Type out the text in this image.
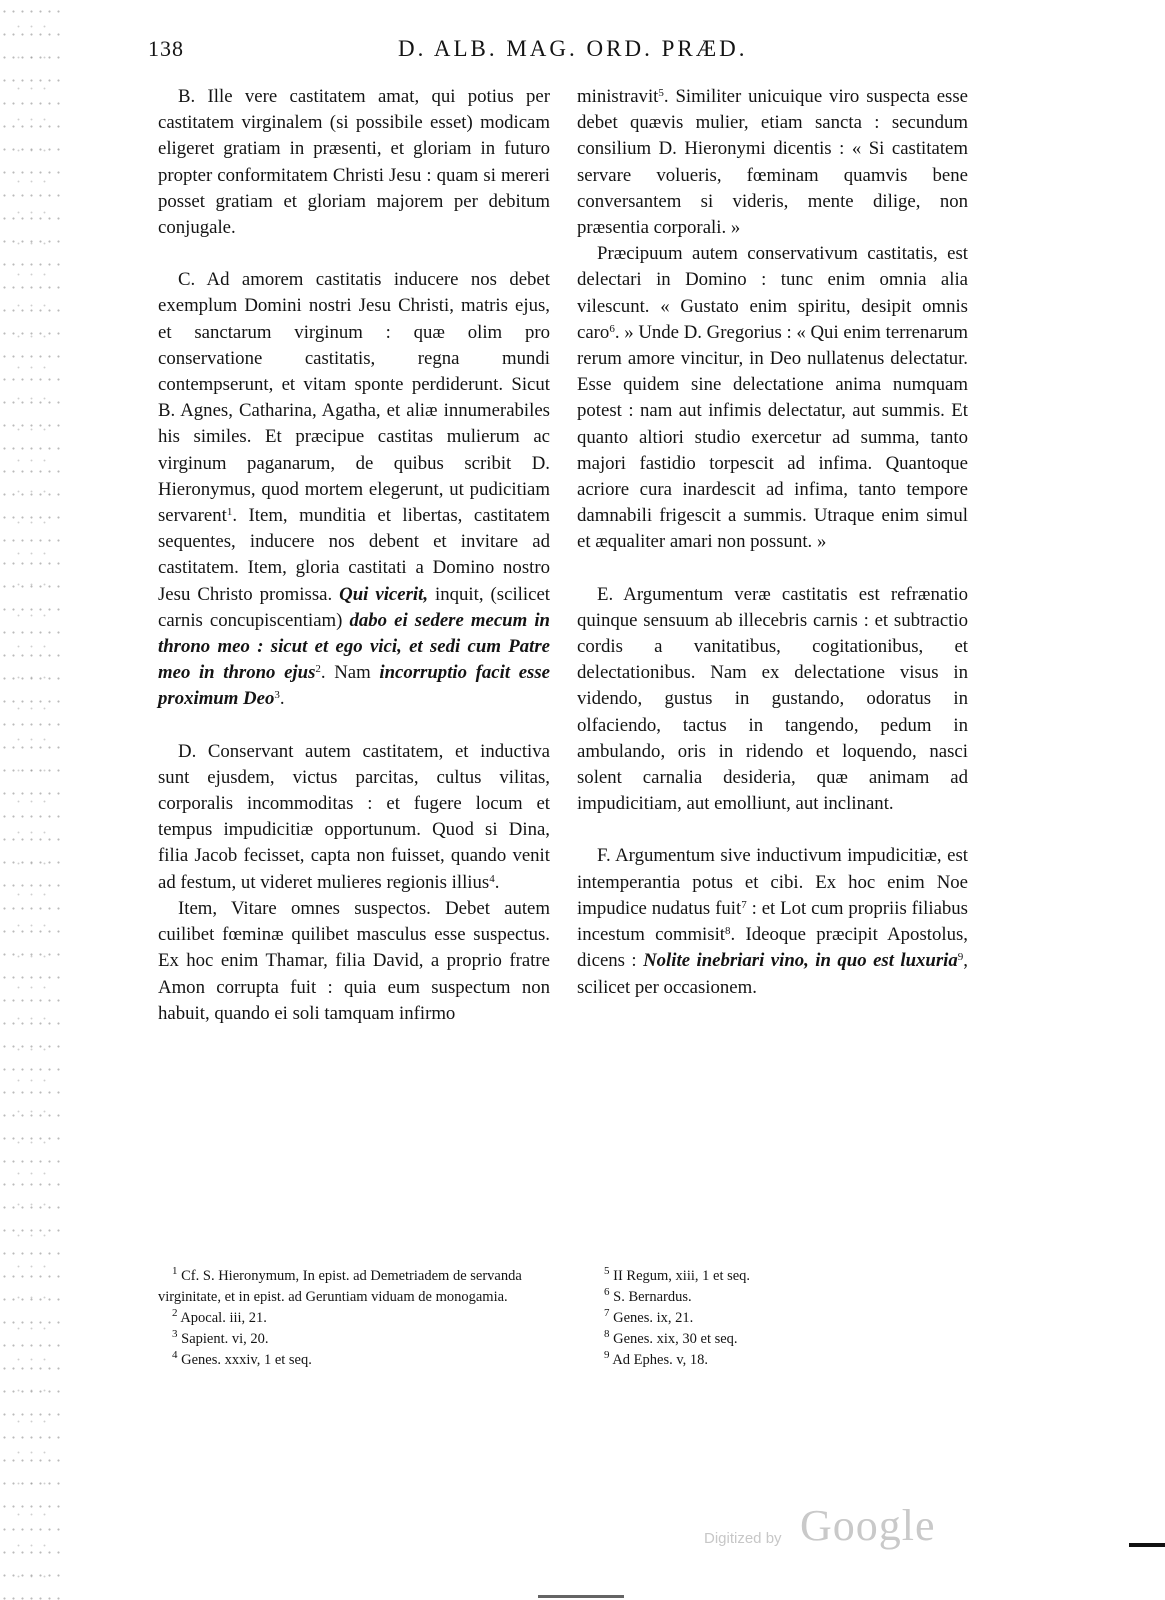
138	D. ALB. MAG. ORD. PRÆD.

B. Ille vere castitatem amat, qui potius per castitatem virginalem (si possibile esset) modicam eligeret gratiam in præsenti, et gloriam in futuro propter conformitatem Christi Jesu : quam si mereri posset gratiam et gloriam majorem per debitum conjugale.

C. Ad amorem castitatis inducere nos debet exemplum Domini nostri Jesu Christi, matris ejus, et sanctarum virginum : quæ olim pro conservatione castitatis, regna mundi contempserunt, et vitam sponte perdiderunt. Sicut B. Agnes, Catharina, Agatha, et aliæ innumerabiles his similes. Et præcipue castitas mulierum ac virginum paganarum, de quibus scribit D. Hieronymus, quod mortem elegerunt, ut pudicitiam servarent$^1$. Item, munditia et libertas, castitatem sequentes, inducere nos debent et invitare ad castitatem. Item, gloria castitati a Domino nostro Jesu Christo promissa. Qui vicerit, inquit, (scilicet carnis concupiscentiam) dabo ei sedere mecum in throno meo : sicut et ego vici, et sedi cum Patre meo in throno ejus$^2$. Nam incorruptio facit esse proximum Deo$^3$.

D. Conservant autem castitatem, et inductiva sunt ejusdem, victus parcitas, cultus vilitas, corporalis incommoditas : et fugere locum et tempus impudicitiæ opportunum. Quod si Dina, filia Jacob fecisset, capta non fuisset, quando venit ad festum, ut videret mulieres regionis illius$^4$.

Item, Vitare omnes suspectos. Debet autem cuilibet fœminæ quilibet masculus esse suspectus. Ex hoc enim Thamar, filia David, a proprio fratre Amon corrupta fuit : quia eum suspectum non habuit, quando ei soli tamquam infirmo

ministravit$^5$. Similiter unicuique viro suspecta esse debet quævis mulier, etiam sancta : secundum consilium D. Hieronymi dicentis : « Si castitatem servare volueris, fœminam quamvis bene conversantem si videris, mente dilige, non præsentia corporali. »

Præcipuum autem conservativum castitatis, est delectari in Domino : tunc enim omnia alia vilescunt. « Gustato enim spiritu, desipit omnis caro$^6$. » Unde D. Gregorius : « Qui enim terrenarum rerum amore vincitur, in Deo nullatenus delectatur. Esse quidem sine delectatione anima numquam potest : nam aut infimis delectatur, aut summis. Et quanto altiori studio exercetur ad summa, tanto majori fastidio torpescit ad infima. Quantoque acriore cura inardescit ad infima, tanto tempore damnabili frigescit a summis. Utraque enim simul et æqualiter amari non possunt. »

E. Argumentum veræ castitatis est refrænatio quinque sensuum ab illecebris carnis : et subtractio cordis a vanitatibus, cogitationibus, et delectationibus. Nam ex delectatione visus in videndo, gustus in gustando, odoratus in olfaciendo, tactus in tangendo, pedum in ambulando, oris in ridendo et loquendo, nasci solent carnalia desideria, quæ animam ad impudicitiam, aut emolliunt, aut inclinant.

F. Argumentum sive inductivum impudicitiæ, est intemperantia potus et cibi. Ex hoc enim Noe impudice nudatus fuit$^7$ : et Lot cum propriis filiabus incestum commisit$^8$. Ideoque præcipit Apostolus, dicens : Nolite inebriari vino, in quo est luxuria$^9$, scilicet per occasionem.

$^1$ Cf. S. Hieronymum, In epist. ad Demetriadem de servanda virginitate, et in epist. ad Geruntiam viduam de monogamia.

$^2$ Apocal. iii, 21.

$^3$ Sapient. vi, 20.

$^4$ Genes. xxxiv, 1 et seq.

$^5$ II Regum, xiii, 1 et seq.

$^6$ S. Bernardus.

$^7$ Genes. ix, 21.

$^8$ Genes. xix, 30 et seq.

$^9$ Ad Ephes. v, 18.

Digitized by Google
